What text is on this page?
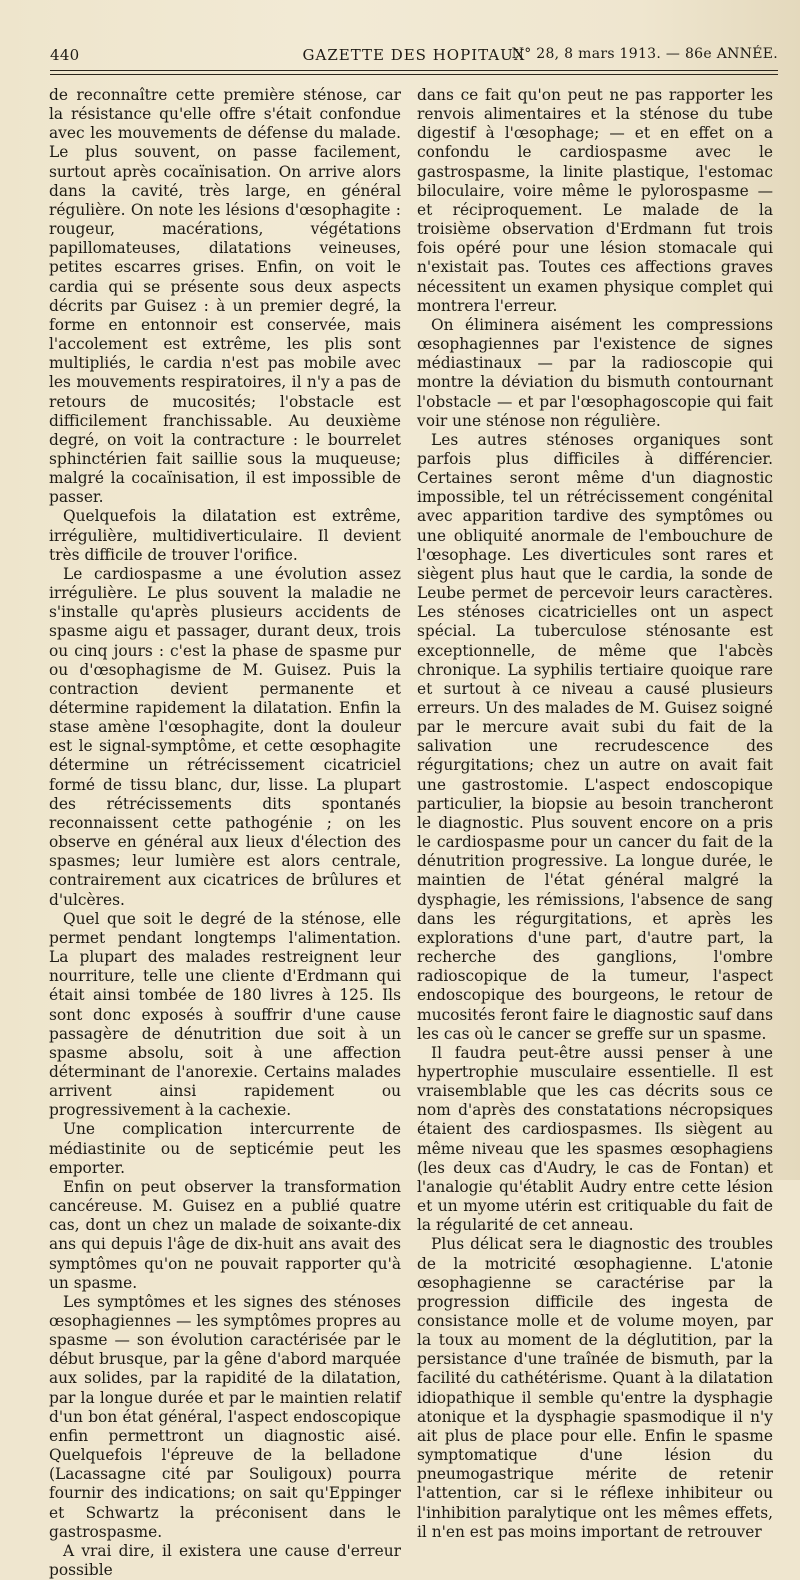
440	GAZETTE DES HOPITAUX
N° 28, 8 mars 1913. — 86e ANNÉE.

de reconnaître cette première sténose, car la résistance qu'elle offre s'était confondue avec les mouvements de défense du malade. Le plus souvent, on passe facilement, surtout après cocaïnisation. On arrive alors dans la cavité, très large, en général régulière. On note les lésions d'œsophagite : rougeur, macérations, végétations papillomateuses, dilatations veineuses, petites escarres grises. Enfin, on voit le cardia qui se présente sous deux aspects décrits par Guisez : à un premier degré, la forme en entonnoir est conservée, mais l'accolement est extrême, les plis sont multipliés, le cardia n'est pas mobile avec les mouvements respiratoires, il n'y a pas de retours de mucosités; l'obstacle est difficilement franchissable. Au deuxième degré, on voit la contracture : le bourrelet sphinctérien fait saillie sous la muqueuse; malgré la cocaïnisation, il est impossible de passer.

Quelquefois la dilatation est extrême, irrégulière, multidiverticulaire. Il devient très difficile de trouver l'orifice.

Le cardiospasme a une évolution assez irrégulière. Le plus souvent la maladie ne s'installe qu'après plusieurs accidents de spasme aigu et passager, durant deux, trois ou cinq jours : c'est la phase de spasme pur ou d'œsophagisme de M. Guisez. Puis la contraction devient permanente et détermine rapidement la dilatation. Enfin la stase amène l'œsophagite, dont la douleur est le signal-symptôme, et cette œsophagite détermine un rétrécissement cicatriciel formé de tissu blanc, dur, lisse. La plupart des rétrécissements dits spontanés reconnaissent cette pathogénie ; on les observe en général aux lieux d'élection des spasmes; leur lumière est alors centrale, contrairement aux cicatrices de brûlures et d'ulcères.

Quel que soit le degré de la sténose, elle permet pendant longtemps l'alimentation. La plupart des malades restreignent leur nourriture, telle une cliente d'Erdmann qui était ainsi tombée de 180 livres à 125. Ils sont donc exposés à souffrir d'une cause passagère de dénutrition due soit à un spasme absolu, soit à une affection déterminant de l'anorexie. Certains malades arrivent ainsi rapidement ou progressivement à la cachexie.

Une complication intercurrente de médiastinite ou de septicémie peut les emporter.

Enfin on peut observer la transformation cancéreuse. M. Guisez en a publié quatre cas, dont un chez un malade de soixante-dix ans qui depuis l'âge de dix-huit ans avait des symptômes qu'on ne pouvait rapporter qu'à un spasme.

Les symptômes et les signes des sténoses œsophagiennes — les symptômes propres au spasme — son évolution caractérisée par le début brusque, par la gêne d'abord marquée aux solides, par la rapidité de la dilatation, par la longue durée et par le maintien relatif d'un bon état général, l'aspect endoscopique enfin permettront un diagnostic aisé. Quelquefois l'épreuve de la belladone (Lacassagne cité par Souligoux) pourra fournir des indications; on sait qu'Eppinger et Schwartz la préconisent dans le gastrospasme.

A vrai dire, il existera une cause d'erreur possible

dans ce fait qu'on peut ne pas rapporter les renvois alimentaires et la sténose du tube digestif à l'œsophage; — et en effet on a confondu le cardiospasme avec le gastrospasme, la linite plastique, l'estomac biloculaire, voire même le pylorospasme — et réciproquement. Le malade de la troisième observation d'Erdmann fut trois fois opéré pour une lésion stomacale qui n'existait pas. Toutes ces affections graves nécessitent un examen physique complet qui montrera l'erreur.

On éliminera aisément les compressions œsophagiennes par l'existence de signes médiastinaux — par la radioscopie qui montre la déviation du bismuth contournant l'obstacle — et par l'œsophagoscopie qui fait voir une sténose non régulière.

Les autres sténoses organiques sont parfois plus difficiles à différencier. Certaines seront même d'un diagnostic impossible, tel un rétrécissement congénital avec apparition tardive des symptômes ou une obliquité anormale de l'embouchure de l'œsophage. Les diverticules sont rares et siègent plus haut que le cardia, la sonde de Leube permet de percevoir leurs caractères. Les sténoses cicatricielles ont un aspect spécial. La tuberculose sténosante est exceptionnelle, de même que l'abcès chronique. La syphilis tertiaire quoique rare et surtout à ce niveau a causé plusieurs erreurs. Un des malades de M. Guisez soigné par le mercure avait subi du fait de la salivation une recrudescence des régurgitations; chez un autre on avait fait une gastrostomie. L'aspect endoscopique particulier, la biopsie au besoin trancheront le diagnostic. Plus souvent encore on a pris le cardiospasme pour un cancer du fait de la dénutrition progressive. La longue durée, le maintien de l'état général malgré la dysphagie, les rémissions, l'absence de sang dans les régurgitations, et après les explorations d'une part, d'autre part, la recherche des ganglions, l'ombre radioscopique de la tumeur, l'aspect endoscopique des bourgeons, le retour de mucosités feront faire le diagnostic sauf dans les cas où le cancer se greffe sur un spasme.

Il faudra peut-être aussi penser à une hypertrophie musculaire essentielle. Il est vraisemblable que les cas décrits sous ce nom d'après des constatations nécropsiques étaient des cardiospasmes. Ils siègent au même niveau que les spasmes œsophagiens (les deux cas d'Audry, le cas de Fontan) et l'analogie qu'établit Audry entre cette lésion et un myome utérin est critiquable du fait de la régularité de cet anneau.

Plus délicat sera le diagnostic des troubles de la motricité œsophagienne. L'atonie œsophagienne se caractérise par la progression difficile des ingesta de consistance molle et de volume moyen, par la toux au moment de la déglutition, par la persistance d'une traînée de bismuth, par la facilité du cathétérisme. Quant à la dilatation idiopathique il semble qu'entre la dysphagie atonique et la dysphagie spasmodique il n'y ait plus de place pour elle. Enfin le spasme symptomatique d'une lésion du pneumogastrique mérite de retenir l'attention, car si le réflexe inhibiteur ou l'inhibition paralytique ont les mêmes effets, il n'en est pas moins important de retrouver
